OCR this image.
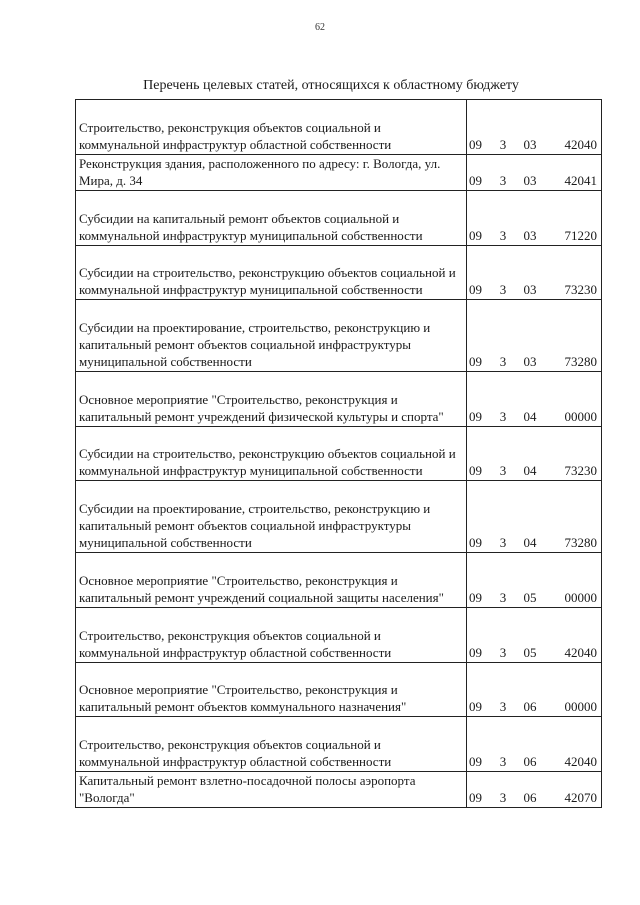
62
Перечень целевых статей, относящихся к областному бюджету
Строительство, реконструкция объектов социальной и коммунальной инфраструктур областной собственности	09 3 03 42040

Реконструкция здания, расположенного по адресу: г. Вологда, ул. Мира, д. 34	09 3 03 42041

Субсидии на капитальный ремонт объектов социальной и коммунальной инфраструктур муниципальной собственности	09 3 03 71220

Субсидии на строительство, реконструкцию объектов социальной и коммунальной инфраструктур муниципальной собственности	09 3 03 73230

Субсидии на проектирование, строительство, реконструкцию и капитальный ремонт объектов социальной инфраструктуры муниципальной собственности	09 3 03 73280

Основное мероприятие "Строительство, реконструкция и капитальный ремонт учреждений физической культуры и спорта"	09 3 04 00000

Субсидии на строительство, реконструкцию объектов социальной и коммунальной инфраструктур муниципальной собственности	09 3 04 73230

Субсидии на проектирование, строительство, реконструкцию и капитальный ремонт объектов социальной инфраструктуры муниципальной собственности	09 3 04 73280

Основное мероприятие "Строительство, реконструкция и капитальный ремонт учреждений социальной защиты населения"	09 3 05 00000

Строительство, реконструкция объектов социальной и коммунальной инфраструктур областной собственности	09 3 05 42040

Основное мероприятие "Строительство, реконструкция и капитальный ремонт объектов коммунального назначения"	09 3 06 00000

Строительство, реконструкция объектов социальной и коммунальной инфраструктур областной собственности	09 3 06 42040

Капитальный ремонт взлетно-посадочной полосы аэропорта "Вологда"	09 3 06 42070
